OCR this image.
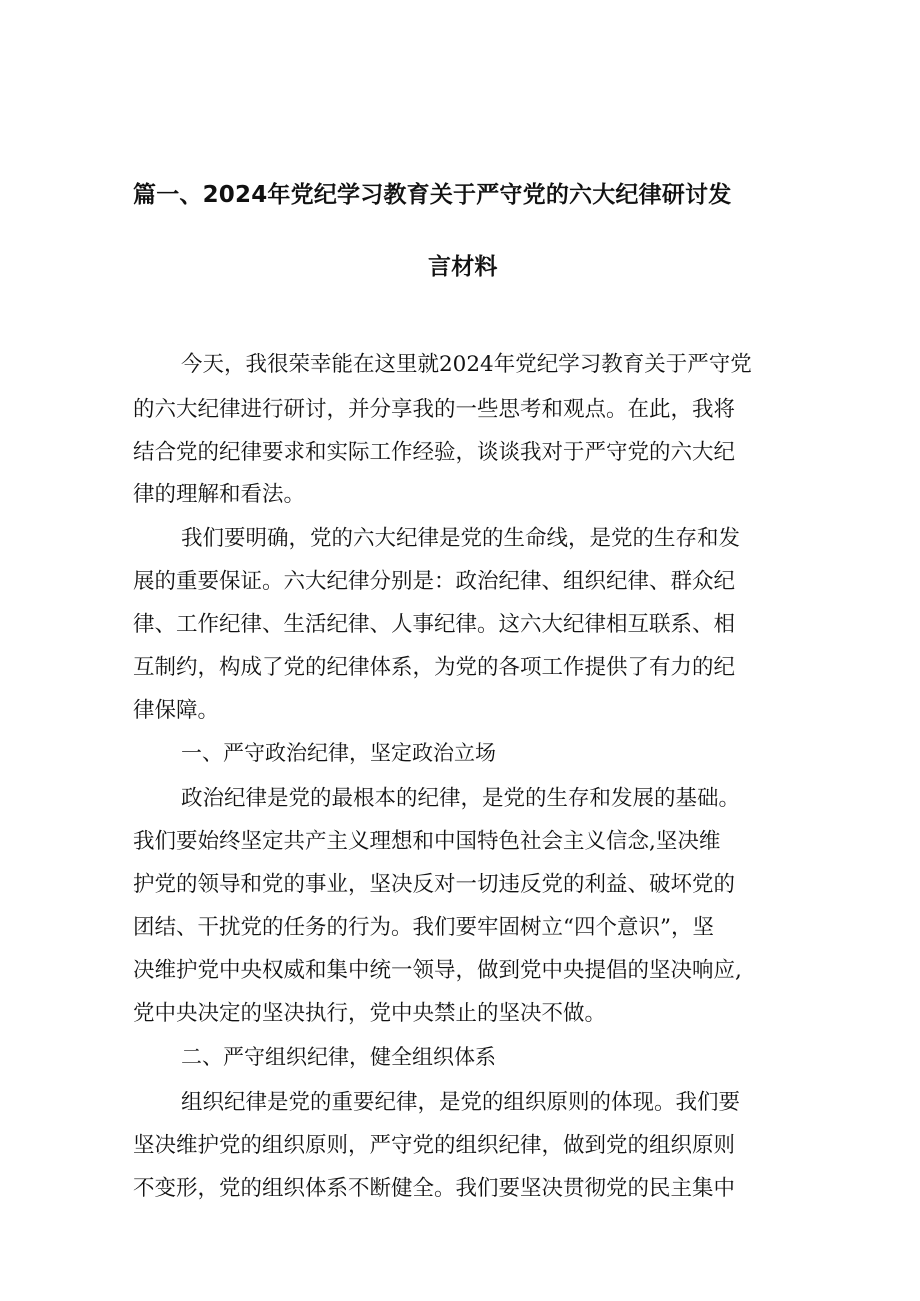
篇一、2024年党纪学习教育关于严守党的六大纪律研讨发
言材料
今天，我很荣幸能在这里就2024年党纪学习教育关于严守党
的六大纪律进行研讨，并分享我的一些思考和观点。在此，我将
结合党的纪律要求和实际工作经验，谈谈我对于严守党的六大纪
律的理解和看法。
我们要明确，党的六大纪律是党的生命线，是党的生存和发
展的重要保证。六大纪律分别是：政治纪律、组织纪律、群众纪
律、工作纪律、生活纪律、人事纪律。这六大纪律相互联系、相
互制约，构成了党的纪律体系，为党的各项工作提供了有力的纪
律保障。
一、严守政治纪律，坚定政治立场
政治纪律是党的最根本的纪律，是党的生存和发展的基础。
我们要始终坚定共产主义理想和中国特色社会主义信念,坚决维
护党的领导和党的事业，坚决反对一切违反党的利益、破坏党的
团结、干扰党的任务的行为。我们要牢固树立“四个意识”，坚
决维护党中央权威和集中统一领导，做到党中央提倡的坚决响应,
党中央决定的坚决执行，党中央禁止的坚决不做。
二、严守组织纪律，健全组织体系
组织纪律是党的重要纪律，是党的组织原则的体现。我们要
坚决维护党的组织原则，严守党的组织纪律，做到党的组织原则
不变形，党的组织体系不断健全。我们要坚决贯彻党的民主集中
